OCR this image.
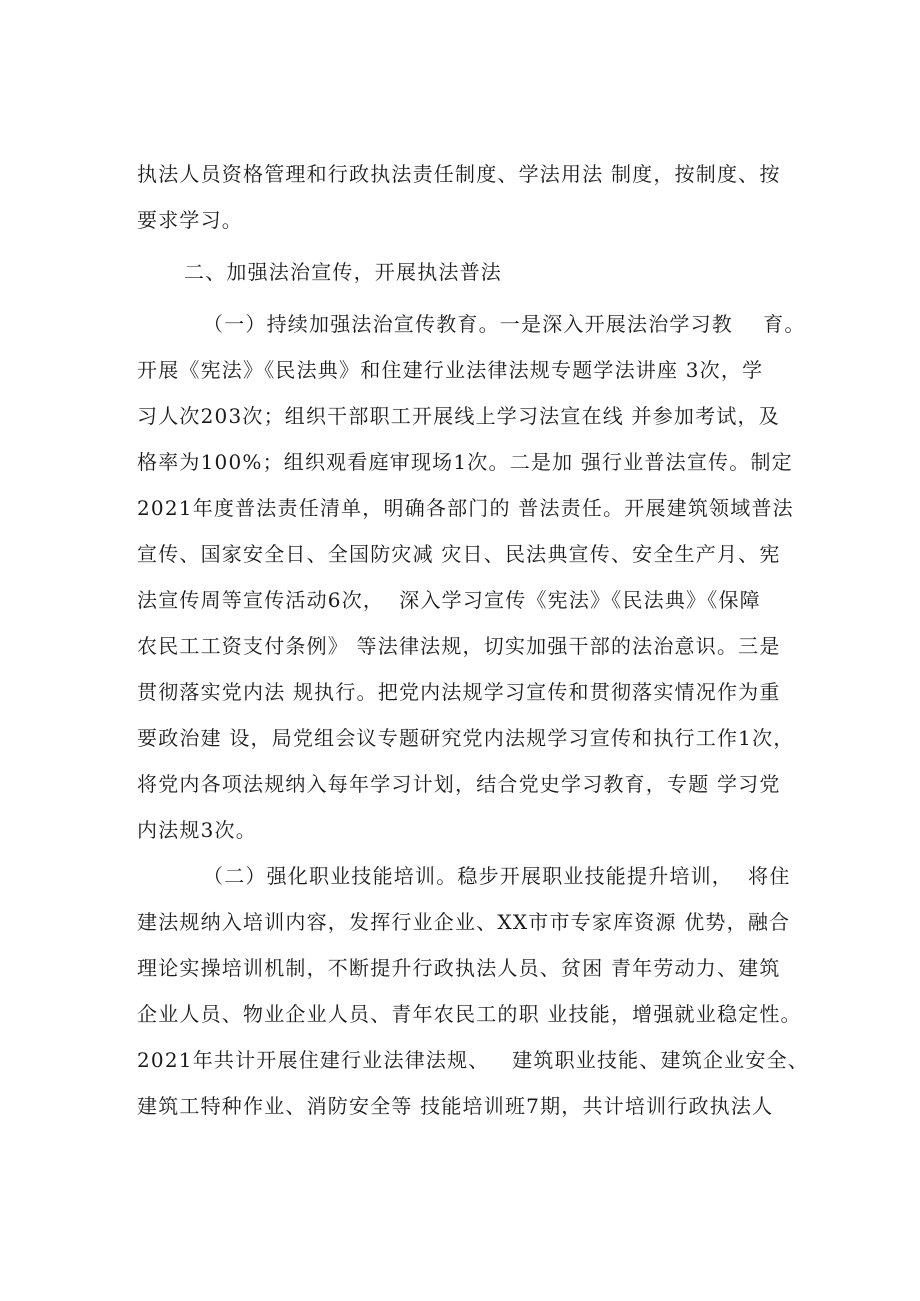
执法人员资格管理和行政执法责任制度、学法用法 制度，按制度、按
要求学习。
二、加强法治宣传，开展执法普法
（一）持续加强法治宣传教育。一是深入开展法治学习教    育。
开展《宪法》《民法典》和住建行业法律法规专题学法讲座 3次，学
习人次203次；组织干部职工开展线上学习法宣在线 并参加考试，及
格率为100%；组织观看庭审现场1次。二是加 强行业普法宣传。制定
2021年度普法责任清单，明确各部门的 普法责任。开展建筑领域普法
宣传、国家安全日、全国防灾减 灾日、民法典宣传、安全生产月、宪
法宣传周等宣传活动6次，  深入学习宣传《宪法》《民法典》《保障
农民工工资支付条例》 等法律法规，切实加强干部的法治意识。三是
贯彻落实党内法 规执行。把党内法规学习宣传和贯彻落实情况作为重
要政治建 设，局党组会议专题研究党内法规学习宣传和执行工作1次，
将党内各项法规纳入每年学习计划，结合党史学习教育，专题 学习党
内法规3次。
（二）强化职业技能培训。稳步开展职业技能提升培训，  将住
建法规纳入培训内容，发挥行业企业、XX市市专家库资源 优势，融合
理论实操培训机制，不断提升行政执法人员、贫困 青年劳动力、建筑
企业人员、物业企业人员、青年农民工的职 业技能，增强就业稳定性。
2021年共计开展住建行业法律法规、   建筑职业技能、建筑企业安全、
建筑工特种作业、消防安全等 技能培训班7期，共计培训行政执法人
